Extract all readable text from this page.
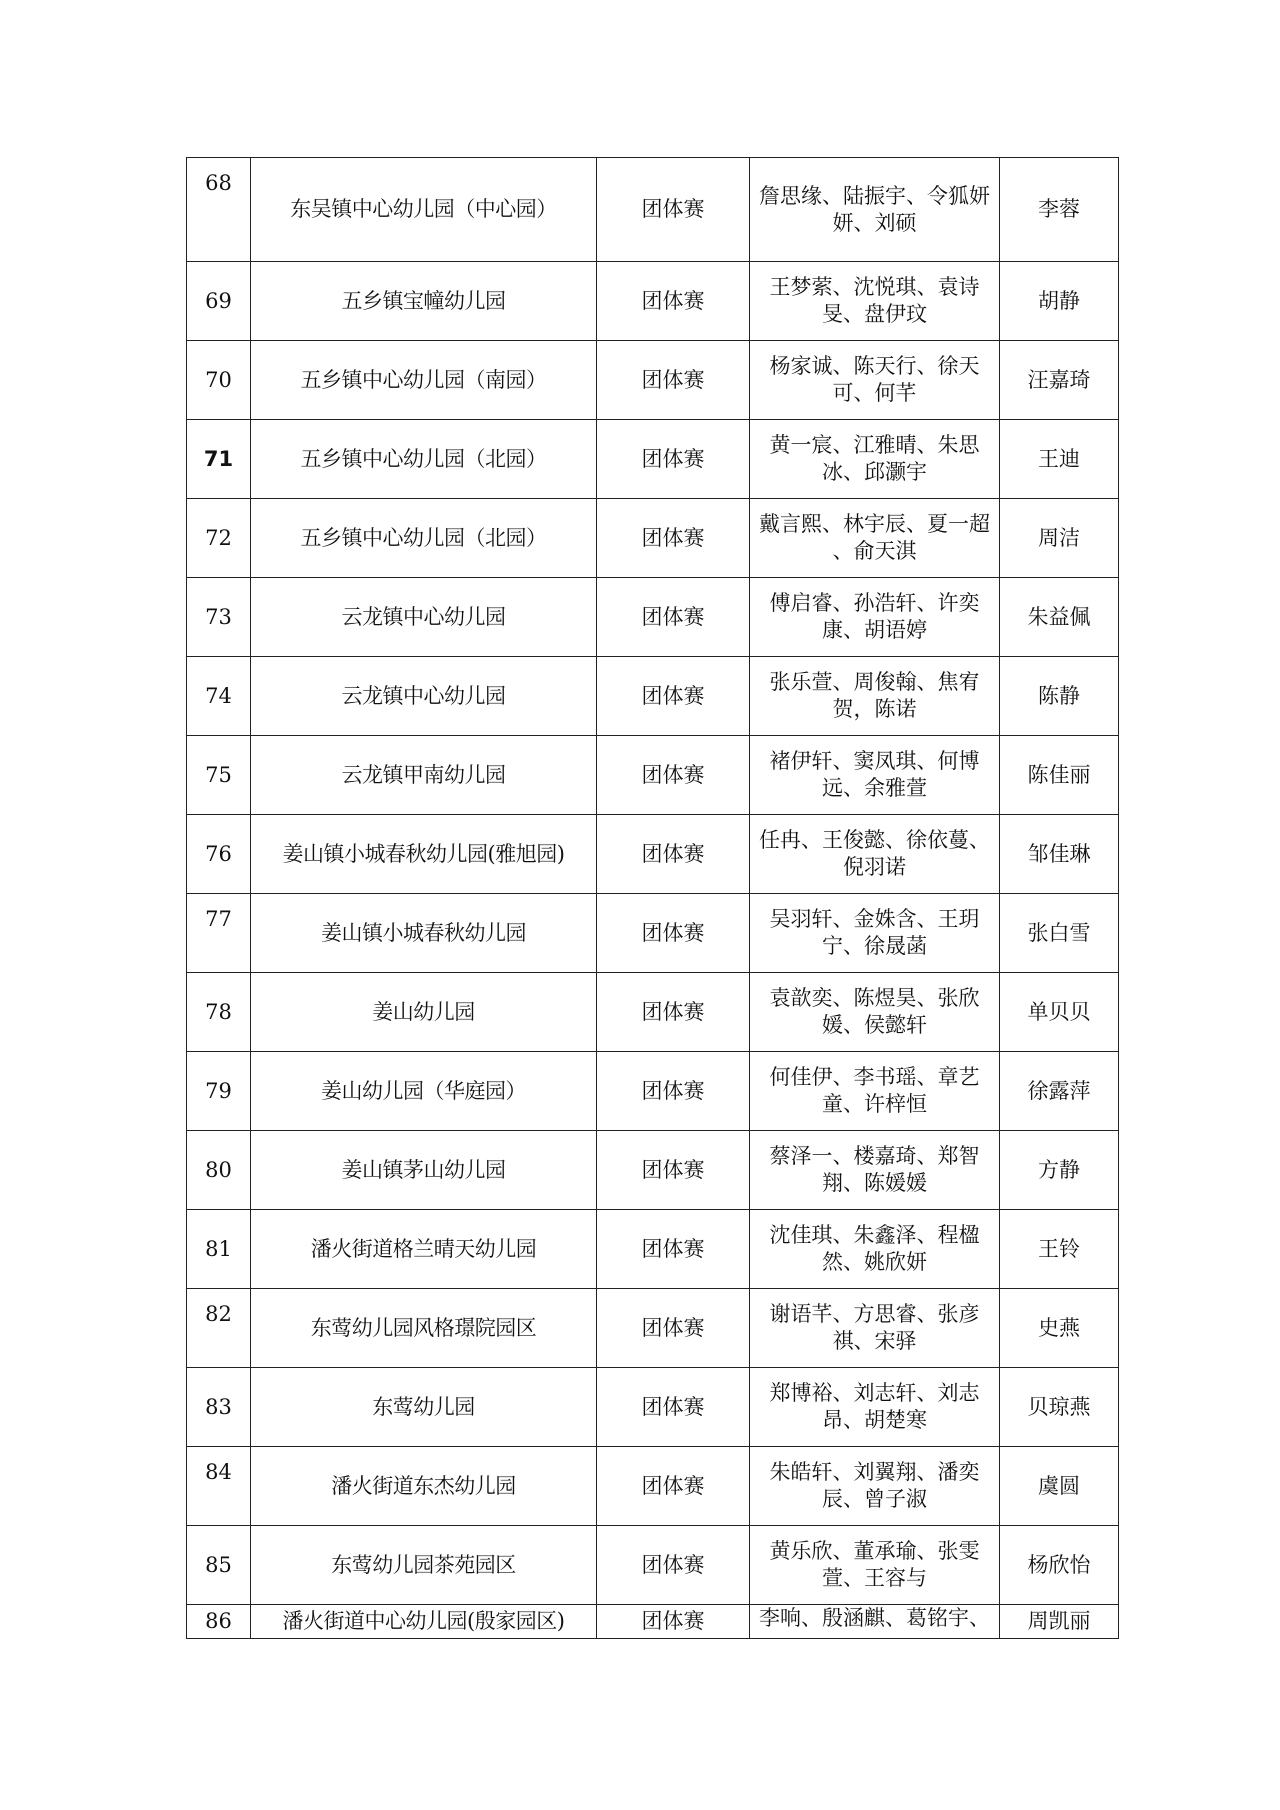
68	东吴镇中心幼儿园（中心园）	团体赛	詹思缘、陆振宇、令狐妍妍、刘硕	李蓉
69	五乡镇宝幢幼儿园	团体赛	王梦萦、沈悦琪、袁诗旻、盘伊玟	胡静
70	五乡镇中心幼儿园（南园）	团体赛	杨家诚、陈天行、徐天可、何芊	汪嘉琦
71	五乡镇中心幼儿园（北园）	团体赛	黄一宸、江雅晴、朱思冰、邱灏宇	王迪
72	五乡镇中心幼儿园（北园）	团体赛	戴言熙、林宇辰、夏一超 、俞天淇	周洁
73	云龙镇中心幼儿园	团体赛	傅启睿、孙浩轩、许奕康、胡语婷	朱益佩
74	云龙镇中心幼儿园	团体赛	张乐萱、周俊翰、焦宥贺，陈诺	陈静
75	云龙镇甲南幼儿园	团体赛	褚伊轩、窦凤琪、何博远、余雅萱	陈佳丽
76	姜山镇小城春秋幼儿园(雅旭园)	团体赛	任冉、王俊懿、徐依蔓、倪羽诺	邹佳琳
77	姜山镇小城春秋幼儿园	团体赛	吴羽轩、金姝含、王玥宁、徐晟菡	张白雪
78	姜山幼儿园	团体赛	袁歆奕、陈煜昊、张欣媛、侯懿轩	单贝贝
79	姜山幼儿园（华庭园）	团体赛	何佳伊、李书瑶、章艺童、许梓恒	徐露萍
80	姜山镇茅山幼儿园	团体赛	蔡泽一、楼嘉琦、郑智翔、陈媛媛	方静
81	潘火街道格兰晴天幼儿园	团体赛	沈佳琪、朱鑫泽、程楹然、姚欣妍	王铃
82	东莺幼儿园风格璟院园区	团体赛	谢语芊、方思睿、张彦祺、宋驿	史燕
83	东莺幼儿园	团体赛	郑博裕、刘志轩、刘志昂、胡楚寒	贝琼燕
84	潘火街道东杰幼儿园	团体赛	朱皓轩、刘翼翔、潘奕辰、曾子淑	虞圆
85	东莺幼儿园茶苑园区	团体赛	黄乐欣、董承瑜、张雯萱、王容与	杨欣怡
86	潘火街道中心幼儿园(殷家园区)	团体赛	李响、殷涵麒、葛铭宇、	周凯丽
